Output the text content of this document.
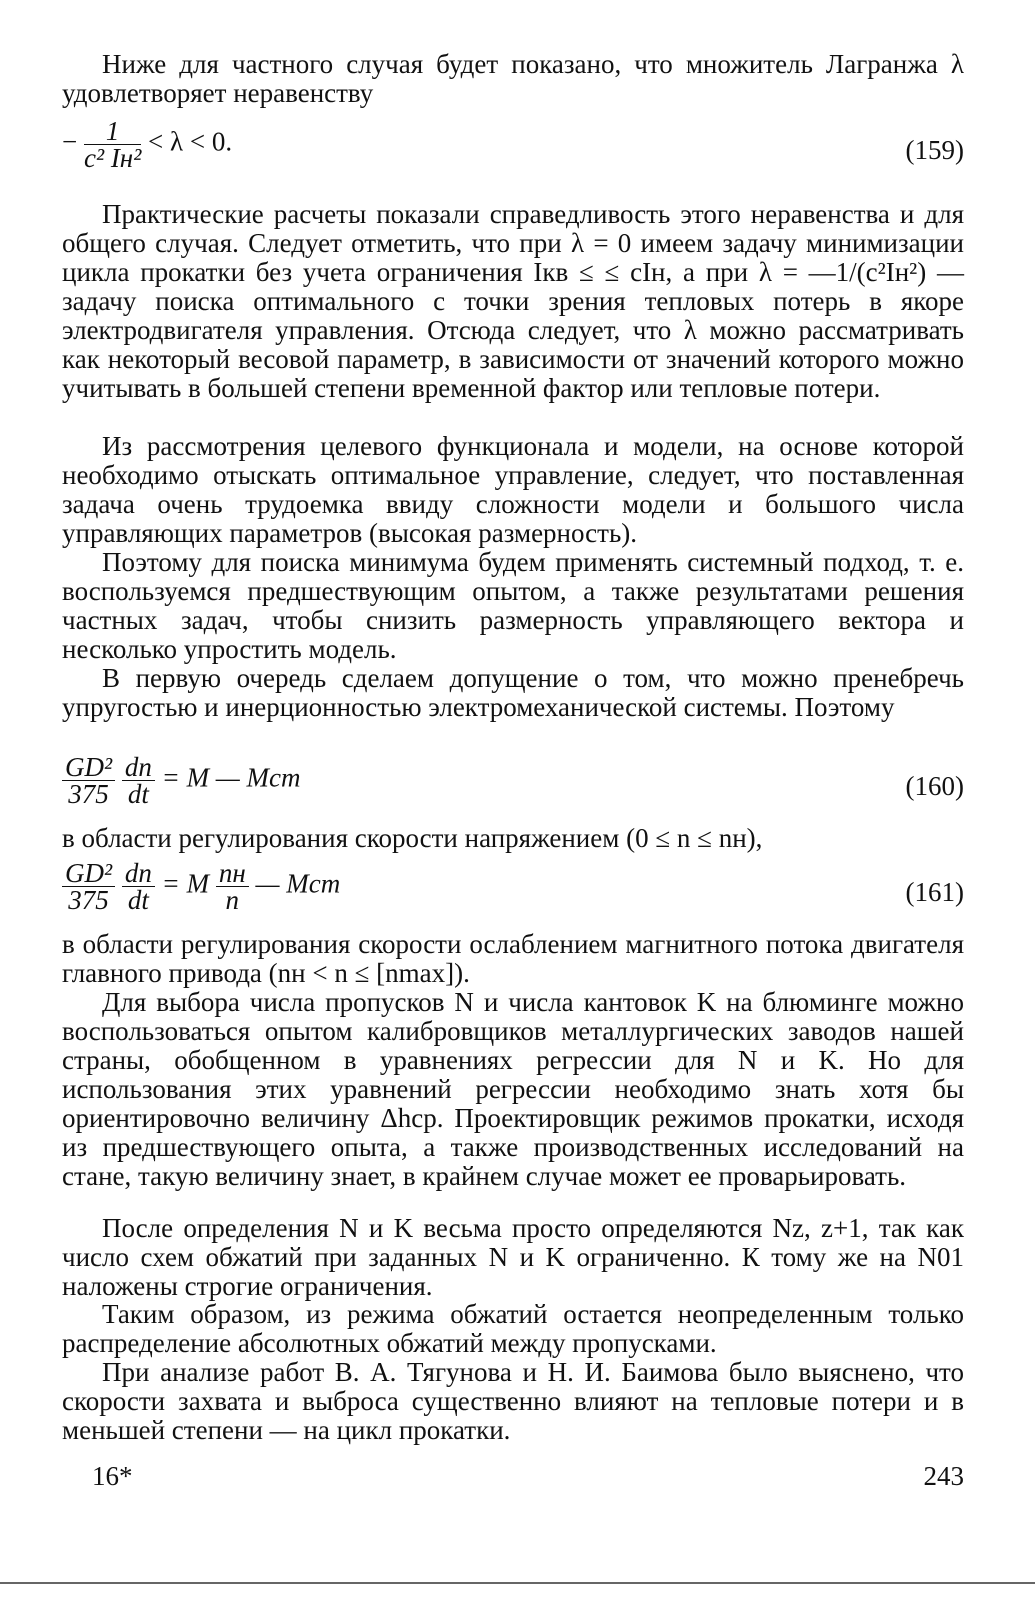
Ниже для частного случая будет показано, что множитель Лагранжа λ удовлетворяет неравенству

− $\frac{1}{\text{c² Iн²}} < \lambda < 0$.	(159)

Практические расчеты показали справедливость этого неравенства и для общего случая. Следует отметить, что при λ = 0 имеем задачу минимизации цикла прокатки без учета ограничения Iкв ≤ ≤ cIн, а при λ = —1/(c²Iн²) — задачу поиска оптимального с точки зрения тепловых потерь в якоре электродвигателя управления. Отсюда следует, что λ можно рассматривать как некоторый весовой параметр, в зависимости от значений которого можно учитывать в большей степени временной фактор или тепловые потери.

Из рассмотрения целевого функционала и модели, на основе которой необходимо отыскать оптимальное управление, следует, что поставленная задача очень трудоемка ввиду сложности модели и большого числа управляющих параметров (высокая размерность).

Поэтому для поиска минимума будем применять системный подход, т. е. воспользуемся предшествующим опытом, а также результатами решения частных задач, чтобы снизить размерность управляющего вектора и несколько упростить модель.

В первую очередь сделаем допущение о том, что можно пренебречь упругостью и инерционностью электромеханической системы. Поэтому

$\frac{\text{GD²}}{375}$
$\frac{dn}{dt} = M$ — Mст	(160)

в области регулирования скорости напряжением (0 ≤ n ≤ nн),

$\frac{\text{GD²}}{375}$
$\frac{dn}{dt} = M \frac{nн}{n}$ — Mст	(161)

в области регулирования скорости ослаблением магнитного потока двигателя главного привода (nн < n ≤ [nmax]).

Для выбора числа пропусков N и числа кантовок K на блюминге можно воспользоваться опытом калибровщиков металлургических заводов нашей страны, обобщенном в уравнениях регрессии для N и K. Но для использования этих уравнений регрессии необходимо знать хотя бы ориентировочно величину Δhср. Проектировщик режимов прокатки, исходя из предшествующего опыта, а также производственных исследований на стане, такую величину знает, в крайнем случае может ее проварьировать.

После определения N и K весьма просто определяются Nz, z+1, так как число схем обжатий при заданных N и K ограниченно. К тому же на N01 наложены строгие ограничения.

Таким образом, из режима обжатий остается неопределенным только распределение абсолютных обжатий между пропусками.

При анализе работ В. А. Тягунова и Н. И. Баимова было выяснено, что скорости захвата и выброса существенно влияют на тепловые потери и в меньшей степени — на цикл прокатки.

16*	243
